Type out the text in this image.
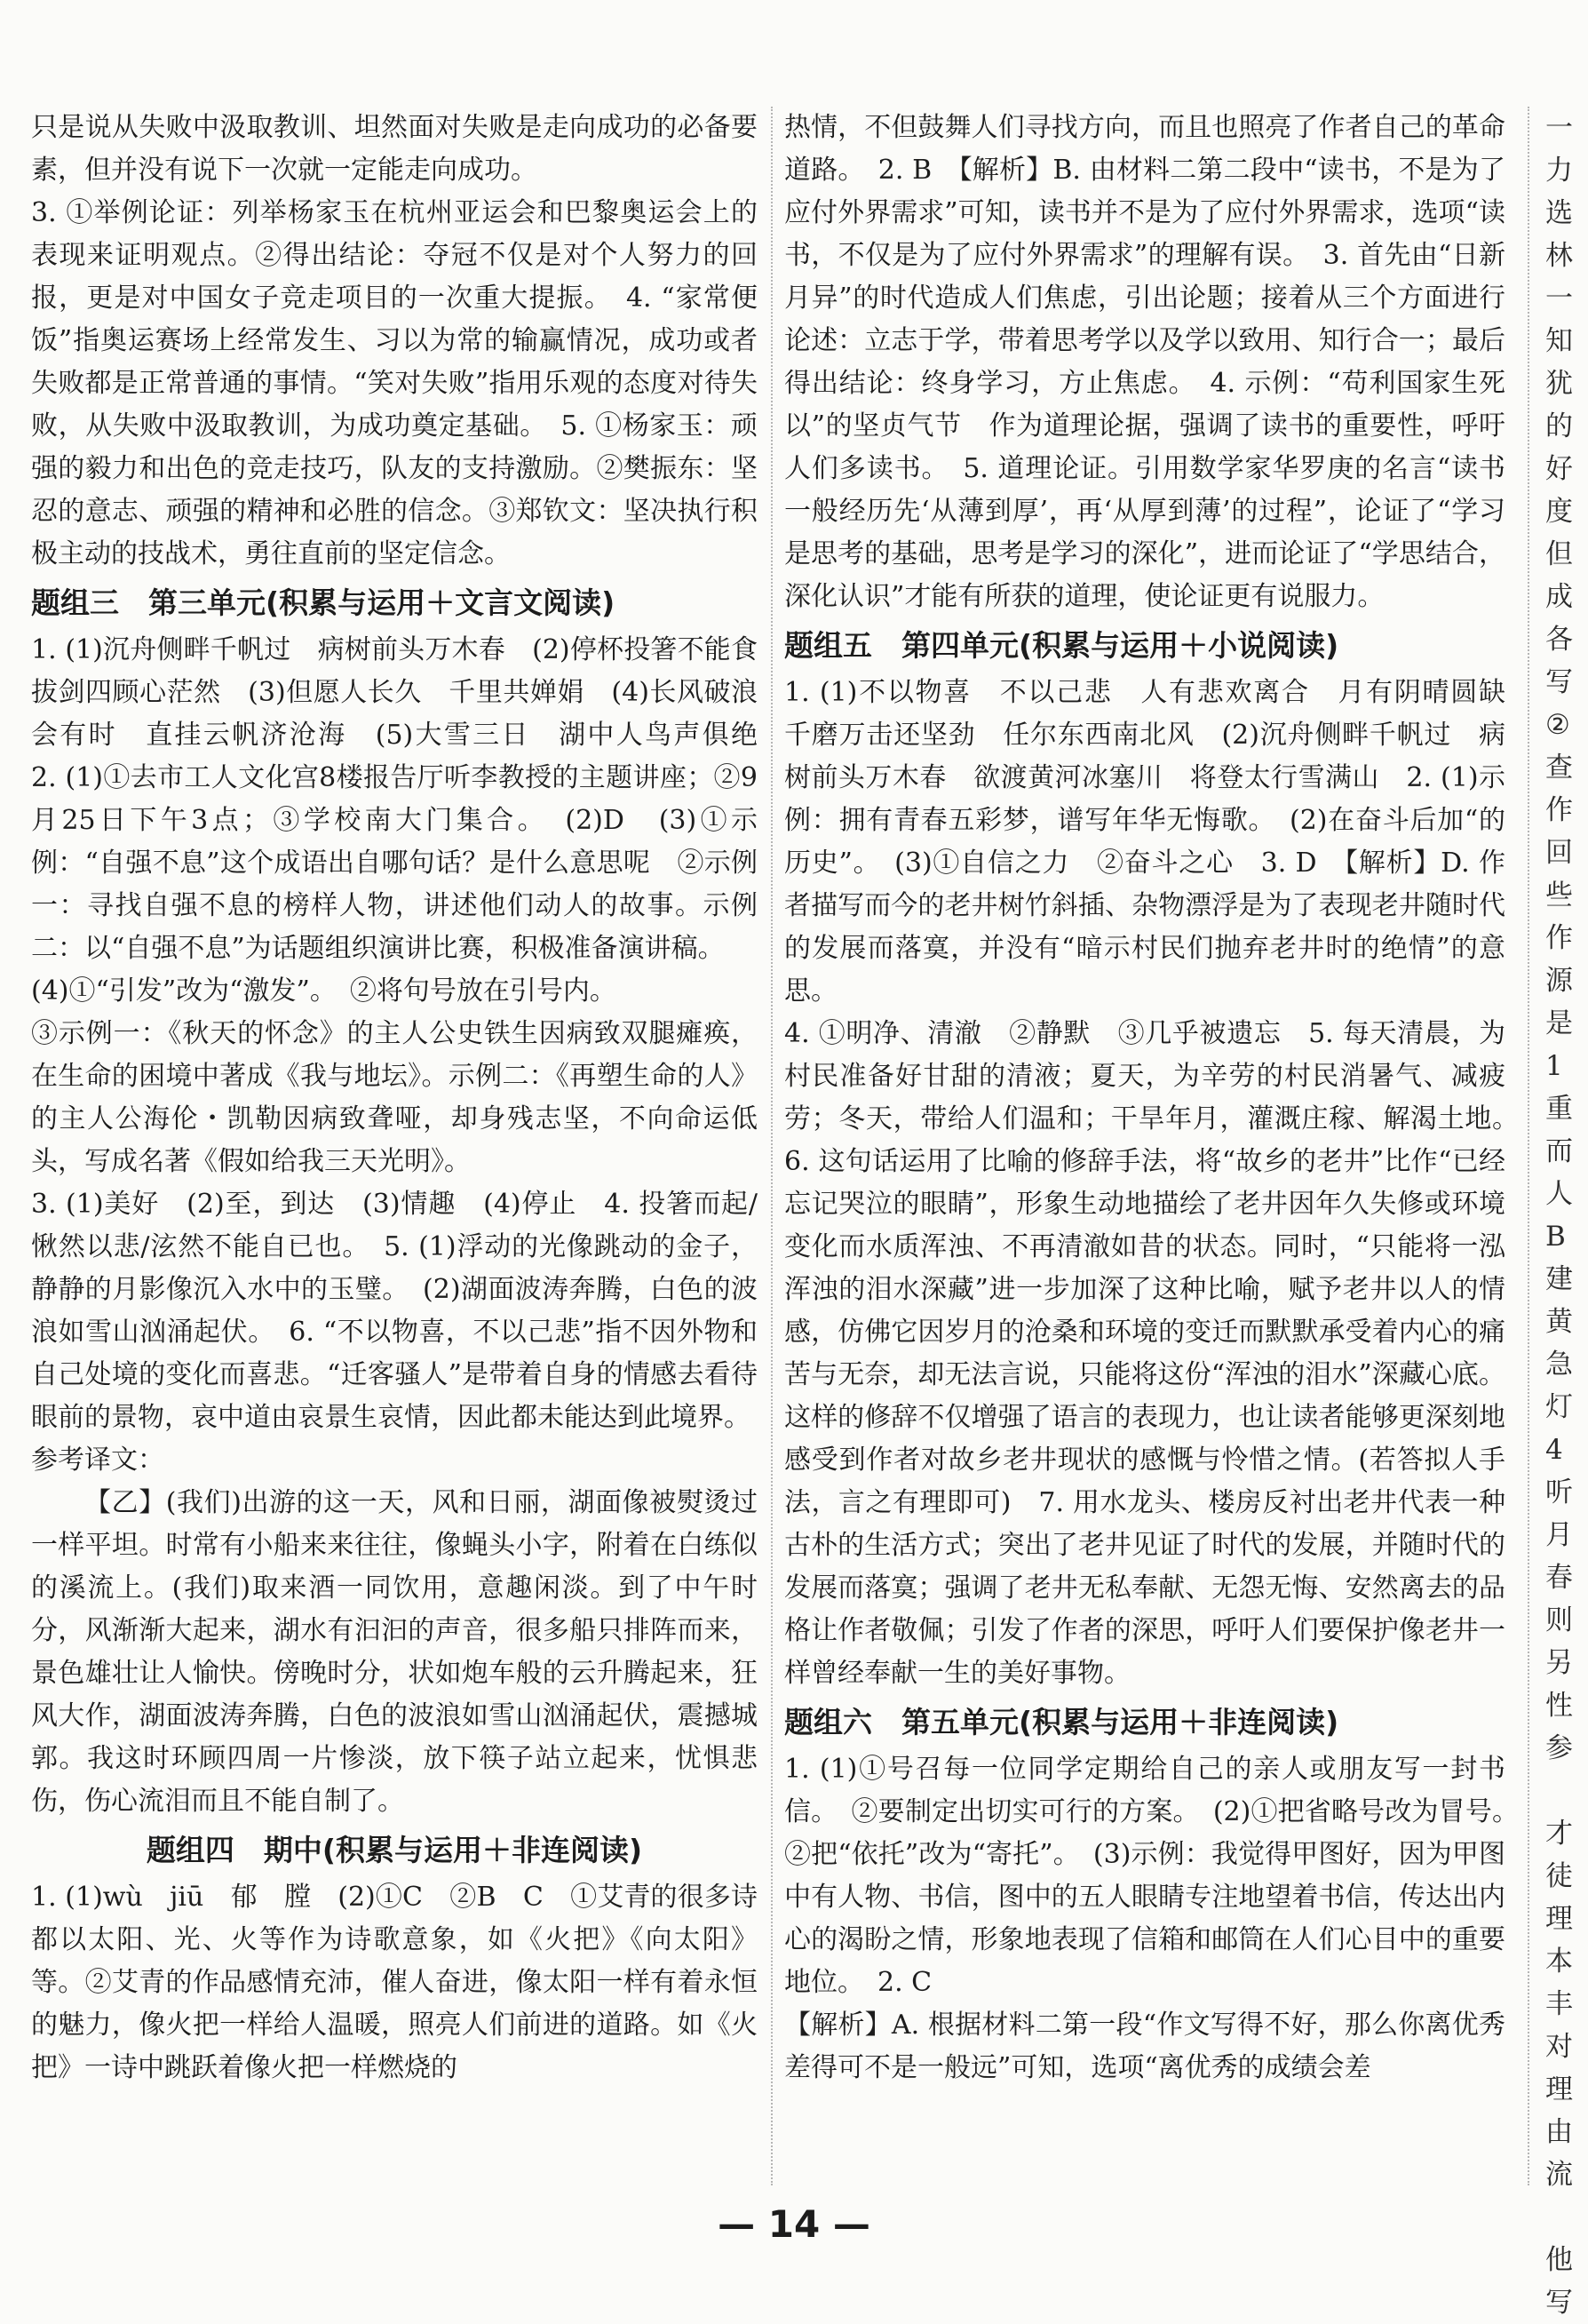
只是说从失败中汲取教训、坦然面对失败是走向成功的必备要素，但并没有说下一次就一定能走向成功。

3. ①举例论证：列举杨家玉在杭州亚运会和巴黎奥运会上的表现来证明观点。②得出结论：夺冠不仅是对个人努力的回报，更是对中国女子竞走项目的一次重大提振。　4. “家常便饭”指奥运赛场上经常发生、习以为常的输赢情况，成功或者失败都是正常普通的事情。“笑对失败”指用乐观的态度对待失败，从失败中汲取教训，为成功奠定基础。　5. ①杨家玉：顽强的毅力和出色的竞走技巧，队友的支持激励。②樊振东：坚忍的意志、顽强的精神和必胜的信念。③郑钦文：坚决执行积极主动的技战术，勇往直前的坚定信念。

题组三　第三单元(积累与运用＋文言文阅读)

1. (1)沉舟侧畔千帆过　病树前头万木春　(2)停杯投箸不能食　拔剑四顾心茫然　(3)但愿人长久　千里共婵娟　(4)长风破浪会有时　直挂云帆济沧海　(5)大雪三日　湖中人鸟声俱绝　2. (1)①去市工人文化宫8楼报告厅听李教授的主题讲座；②9月25日下午3点；③学校南大门集合。　(2)D　(3)①示例：“自强不息”这个成语出自哪句话？是什么意思呢　②示例一：寻找自强不息的榜样人物，讲述他们动人的故事。示例二：以“自强不息”为话题组织演讲比赛，积极准备演讲稿。

(4)①“引发”改为“激发”。　②将句号放在引号内。

③示例一：《秋天的怀念》的主人公史铁生因病致双腿瘫痪，在生命的困境中著成《我与地坛》。示例二：《再塑生命的人》的主人公海伦・凯勒因病致聋哑，却身残志坚，不向命运低头，写成名著《假如给我三天光明》。

3. (1)美好　(2)至，到达　(3)情趣　(4)停止　4. 投箸而起/愀然以悲/泫然不能自已也。　5. (1)浮动的光像跳动的金子，静静的月影像沉入水中的玉璧。　(2)湖面波涛奔腾，白色的波浪如雪山汹涌起伏。　6. “不以物喜，不以己悲”指不因外物和自己处境的变化而喜悲。“迁客骚人”是带着自身的情感去看待眼前的景物，哀中道由哀景生哀情，因此都未能达到此境界。

参考译文：

【乙】(我们)出游的这一天，风和日丽，湖面像被熨烫过一样平坦。时常有小船来来往往，像蝇头小字，附着在白练似的溪流上。(我们)取来酒一同饮用，意趣闲淡。到了中午时分，风渐渐大起来，湖水有汩汩的声音，很多船只排阵而来，景色雄壮让人愉快。傍晚时分，状如炮车般的云升腾起来，狂风大作，湖面波涛奔腾，白色的波浪如雪山汹涌起伏，震撼城郭。我这时环顾四周一片惨淡，放下筷子站立起来，忧惧悲伤，伤心流泪而且不能自制了。

题组四　期中(积累与运用＋非连阅读)

1. (1)wù　jiū　郁　膛　(2)①C　②B　C　①艾青的很多诗都以太阳、光、火等作为诗歌意象，如《火把》《向太阳》等。②艾青的作品感情充沛，催人奋进，像太阳一样有着永恒的魅力，像火把一样给人温暖，照亮人们前进的道路。如《火把》一诗中跳跃着像火把一样燃烧的

热情，不但鼓舞人们寻找方向，而且也照亮了作者自己的革命道路。　2. B　【解析】B. 由材料二第二段中“读书，不是为了应付外界需求”可知，读书并不是为了应付外界需求，选项“读书，不仅是为了应付外界需求”的理解有误。　3. 首先由“日新月异”的时代造成人们焦虑，引出论题；接着从三个方面进行论述：立志于学，带着思考学以及学以致用、知行合一；最后得出结论：终身学习，方止焦虑。　4. 示例：“苟利国家生死以”的坚贞气节　作为道理论据，强调了读书的重要性，呼吁人们多读书。　5. 道理论证。引用数学家华罗庚的名言“读书一般经历先‘从薄到厚’，再‘从厚到薄’的过程”，论证了“学习是思考的基础，思考是学习的深化”，进而论证了“学思结合，深化认识”才能有所获的道理，使论证更有说服力。

题组五　第四单元(积累与运用＋小说阅读)

1. (1)不以物喜　不以己悲　人有悲欢离合　月有阴晴圆缺　千磨万击还坚劲　任尔东西南北风　(2)沉舟侧畔千帆过　病树前头万木春　欲渡黄河冰塞川　将登太行雪满山　2. (1)示例：拥有青春五彩梦，谱写年华无悔歌。　(2)在奋斗后加“的历史”。　(3)①自信之力　②奋斗之心　3. D　【解析】D. 作者描写而今的老井树竹斜插、杂物漂浮是为了表现老井随时代的发展而落寞，并没有“暗示村民们抛弃老井时的绝情”的意思。

4. ①明净、清澈　②静默　③几乎被遗忘　5. 每天清晨，为村民准备好甘甜的清液；夏天，为辛劳的村民消暑气、减疲劳；冬天，带给人们温和；干旱年月，灌溉庄稼、解渴土地。　6. 这句话运用了比喻的修辞手法，将“故乡的老井”比作“已经忘记哭泣的眼睛”，形象生动地描绘了老井因年久失修或环境变化而水质浑浊、不再清澈如昔的状态。同时，“只能将一泓浑浊的泪水深藏”进一步加深了这种比喻，赋予老井以人的情感，仿佛它因岁月的沧桑和环境的变迁而默默承受着内心的痛苦与无奈，却无法言说，只能将这份“浑浊的泪水”深藏心底。这样的修辞不仅增强了语言的表现力，也让读者能够更深刻地感受到作者对故乡老井现状的感慨与怜惜之情。(若答拟人手法，言之有理即可)　7. 用水龙头、楼房反衬出老井代表一种古朴的生活方式；突出了老井见证了时代的发展，并随时代的发展而落寞；强调了老井无私奉献、无怨无悔、安然离去的品格让作者敬佩；引发了作者的深思，呼吁人们要保护像老井一样曾经奉献一生的美好事物。

题组六　第五单元(积累与运用＋非连阅读)

1. (1)①号召每一位同学定期给自己的亲人或朋友写一封书信。　②要制定出切实可行的方案。　(2)①把省略号改为冒号。　②把“依托”改为“寄托”。　(3)示例：我觉得甲图好，因为甲图中有人物、书信，图中的五人眼睛专注地望着书信，传达出内心的渴盼之情，形象地表现了信箱和邮筒在人们心目中的重要地位。　2. C

【解析】A. 根据材料二第一段“作文写得不好，那么你离优秀差得可不是一般远”可知，选项“离优秀的成绩会差

一
力
选
林
一
知
犹
的
好
度
但
成
各
写
②
查
作
回
些
作
源
是
1
重
而
人
B
建
黄
急
灯
4
听
月
春
则
另
性
参

才
徒
理
本
丰
对
理
由
流

他
写
— 14 —
